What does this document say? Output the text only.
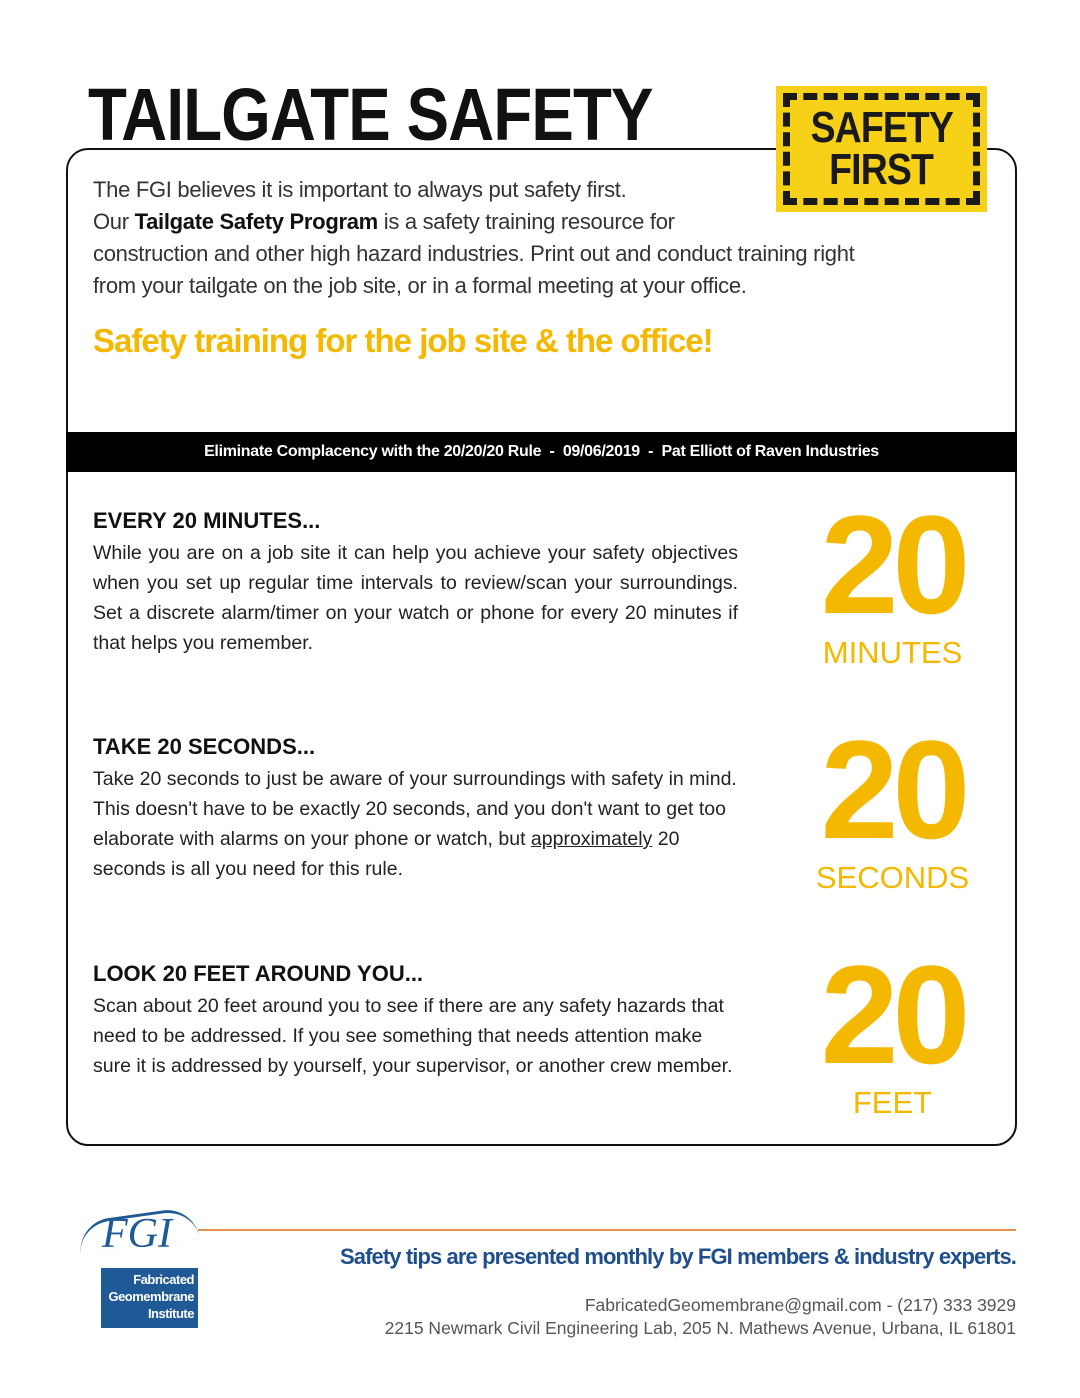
TAILGATE SAFETY	SAFETY
FIRST
The FGI believes it is important to always put safety first.
Our Tailgate Safety Program is a safety training resource for
construction and other high hazard industries. Print out and conduct training right
from your tailgate on the job site, or in a formal meeting at your office.
Safety training for the job site & the office!
Eliminate Complacency with the 20/20/20 Rule  -  09/06/2019  -  Pat Elliott of Raven Industries
EVERY 20 MINUTES...

While you are on a job site it can help you achieve your safety objectives when you set up regular time intervals to review/scan your surroundings. Set a discrete alarm/timer on your watch or phone for every 20 minutes if that helps you remember.	20
MINUTES
TAKE 20 SECONDS...

Take 20 seconds to just be aware of your surroundings with safety in mind. This doesn't have to be exactly 20 seconds, and you don't want to get too elaborate with alarms on your phone or watch, but approximately 20 seconds is all you need for this rule.

20
SECONDS
LOOK 20 FEET AROUND YOU...

Scan about 20 feet around you to see if there are any safety hazards that need to be addressed. If you see something that needs attention make sure it is addressed by yourself, your supervisor, or another crew member. 20
FEET
FGI
Fabricated
Geomembrane
Institute
Safety tips are presented monthly by FGI members & industry experts.
FabricatedGeomembrane@gmail.com - (217) 333 3929
2215 Newmark Civil Engineering Lab, 205 N. Mathews Avenue, Urbana, IL 61801
